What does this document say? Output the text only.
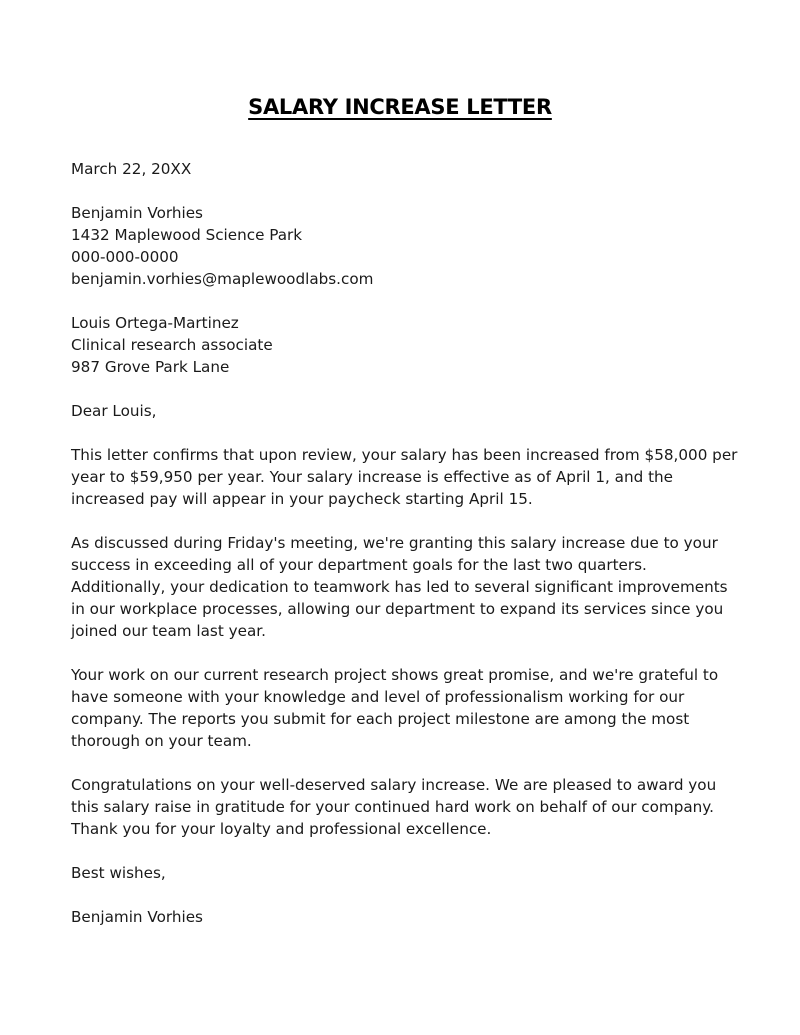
SALARY INCREASE LETTER
March 22, 20XX
Benjamin Vorhies
1432 Maplewood Science Park
000-000-0000
benjamin.vorhies@maplewoodlabs.com
Louis Ortega-Martinez
Clinical research associate
987 Grove Park Lane
Dear Louis,
This letter confirms that upon review, your salary has been increased from $58,000 per
year to $59,950 per year. Your salary increase is effective as of April 1, and the
increased pay will appear in your paycheck starting April 15.
As discussed during Friday's meeting, we're granting this salary increase due to your
success in exceeding all of your department goals for the last two quarters.
Additionally, your dedication to teamwork has led to several significant improvements
in our workplace processes, allowing our department to expand its services since you
joined our team last year.
Your work on our current research project shows great promise, and we're grateful to
have someone with your knowledge and level of professionalism working for our
company. The reports you submit for each project milestone are among the most
thorough on your team.
Congratulations on your well-deserved salary increase. We are pleased to award you
this salary raise in gratitude for your continued hard work on behalf of our company.
Thank you for your loyalty and professional excellence.
Best wishes,
Benjamin Vorhies
